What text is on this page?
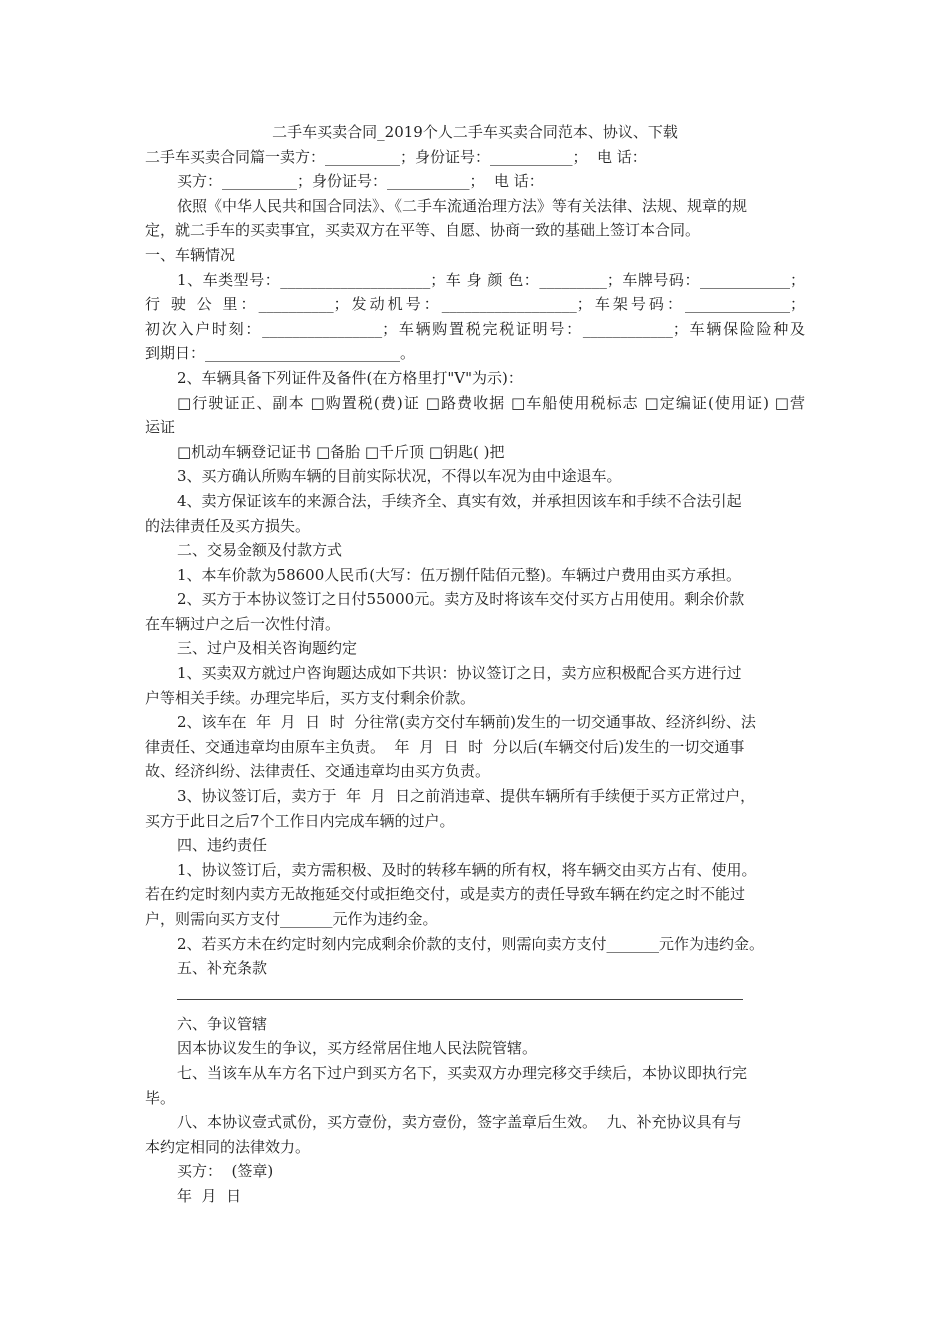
二手车买卖合同_2019个人二手车买卖合同范本、协议、下载

二手车买卖合同篇一卖方：__________；身份证号：___________；  电 话：

买方：__________；身份证号：___________；  电 话：

依照《中华人民共和国合同法》、《二手车流通治理方法》等有关法律、法规、规章的规

定，就二手车的买卖事宜，买卖双方在平等、自愿、协商一致的基础上签订本合同。

一、车辆情况

1、车类型号：____________________；车 身 颜 色：_________；车牌号码：____________；

行 驶 公 里：__________；发动机号：__________________；车架号码：______________；

初次入户时刻：________________；车辆购置税完税证明号：____________；车辆保险险种及

到期日：__________________________。

2、车辆具备下列证件及备件(在方格里打"V"为示)：

□行驶证正、副本 □购置税(费)证 □路费收据 □车船使用税标志 □定编证(使用证) □营

运证

□机动车辆登记证书 □备胎 □千斤顶 □钥匙( )把

3、买方确认所购车辆的目前实际状况，不得以车况为由中途退车。

4、卖方保证该车的来源合法，手续齐全、真实有效，并承担因该车和手续不合法引起

的法律责任及买方损失。

二、交易金额及付款方式

1、本车价款为58600人民币(大写：伍万捌仟陆佰元整)。车辆过户费用由买方承担。

2、买方于本协议签订之日付55000元。卖方及时将该车交付买方占用使用。剩余价款

在车辆过户之后一次性付清。

三、过户及相关咨询题约定

1、买卖双方就过户咨询题达成如下共识：协议签订之日，卖方应积极配合买方进行过

户等相关手续。办理完毕后，买方支付剩余价款。

2、该车在  年  月  日  时  分往常(卖方交付车辆前)发生的一切交通事故、经济纠纷、法

律责任、交通违章均由原车主负责。  年  月  日  时  分以后(车辆交付后)发生的一切交通事

故、经济纠纷、法律责任、交通违章均由买方负责。

3、协议签订后，卖方于  年  月  日之前消违章、提供车辆所有手续便于买方正常过户，

买方于此日之后7个工作日内完成车辆的过户。

四、违约责任

1、协议签订后，卖方需积极、及时的转移车辆的所有权，将车辆交由买方占有、使用。

若在约定时刻内卖方无故拖延交付或拒绝交付，或是卖方的责任导致车辆在约定之时不能过

户，则需向买方支付_______元作为违约金。

2、若买方未在约定时刻内完成剩余价款的支付，则需向卖方支付_______元作为违约金。

五、补充条款

六、争议管辖

因本协议发生的争议，买方经常居住地人民法院管辖。

七、当该车从车方名下过户到买方名下，买卖双方办理完移交手续后，本协议即执行完

毕。

八、本协议壹式贰份，买方壹份，卖方壹份，签字盖章后生效。  九、补充协议具有与

本约定相同的法律效力。

买方：  (签章)

年  月  日
